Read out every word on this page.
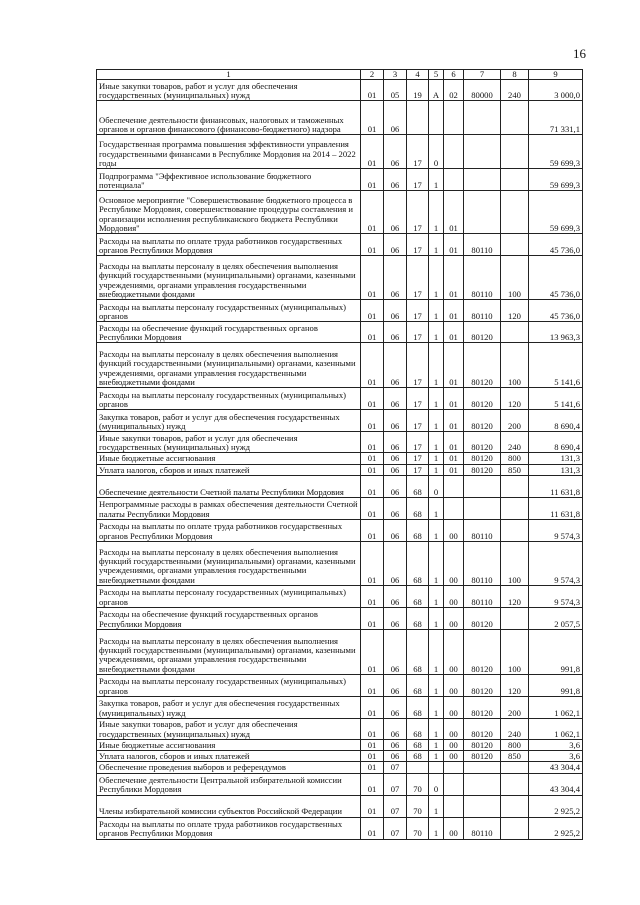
16
1	2	3	4	5	6	7	8	9
Иные закупки товаров, работ и услуг для обеспечения государственных (муниципальных) нужд	01	05	19	А	02	80000	240	3 000,0
Обеспечение деятельности финансовых, налоговых и таможенных органов и органов финансового (финансово-бюджетного) надзора	01	06						71 331,1
Государственная программа повышения эффективности управления государственными финансами в Республике Мордовия на 2014 – 2022 годы	01	06	17	0				59 699,3
Подпрограмма "Эффективное использование бюджетного потенциала"	01	06	17	1				59 699,3
Основное мероприятие "Совершенствование бюджетного процесса в Республике Мордовия, совершенствование процедуры составления и организации исполнения республиканского бюджета Республики Мордовия"	01	06	17	1	01			59 699,3
Расходы на выплаты по оплате труда работников государственных органов Республики Мордовия	01	06	17	1	01	80110		45 736,0
Расходы на выплаты персоналу в целях обеспечения выполнения функций государственными (муниципальными) органами, казенными учреждениями, органами управления государственными внебюджетными фондами	01	06	17	1	01	80110	100	45 736,0
Расходы на выплаты персоналу государственных (муниципальных) органов	01	06	17	1	01	80110	120	45 736,0
Расходы на обеспечение функций государственных органов Республики Мордовия	01	06	17	1	01	80120		13 963,3
Расходы на выплаты персоналу в целях обеспечения выполнения функций государственными (муниципальными) органами, казенными учреждениями, органами управления государственными внебюджетными фондами	01	06	17	1	01	80120	100	5 141,6
Расходы на выплаты персоналу государственных (муниципальных) органов	01	06	17	1	01	80120	120	5 141,6
Закупка товаров, работ и услуг для обеспечения государственных (муниципальных) нужд	01	06	17	1	01	80120	200	8 690,4
Иные закупки товаров, работ и услуг для обеспечения государственных (муниципальных) нужд	01	06	17	1	01	80120	240	8 690,4
Иные бюджетные ассигнования	01	06	17	1	01	80120	800	131,3
Уплата налогов, сборов и иных платежей	01	06	17	1	01	80120	850	131,3
Обеспечение деятельности Счетной палаты Республики Мордовия	01	06	68	0				11 631,8
Непрограммные расходы в рамках обеспечения деятельности Счетной палаты Республики Мордовия	01	06	68	1				11 631,8
Расходы на выплаты по оплате труда работников государственных органов Республики Мордовия	01	06	68	1	00	80110		9 574,3
Расходы на выплаты персоналу в целях обеспечения выполнения функций государственными (муниципальными) органами, казенными учреждениями, органами управления государственными внебюджетными фондами	01	06	68	1	00	80110	100	9 574,3
Расходы на выплаты персоналу государственных (муниципальных) органов	01	06	68	1	00	80110	120	9 574,3
Расходы на обеспечение функций государственных органов Республики Мордовия	01	06	68	1	00	80120		2 057,5
Расходы на выплаты персоналу в целях обеспечения выполнения функций государственными (муниципальными) органами, казенными учреждениями, органами управления государственными внебюджетными фондами	01	06	68	1	00	80120	100	991,8
Расходы на выплаты персоналу государственных (муниципальных) органов	01	06	68	1	00	80120	120	991,8
Закупка товаров, работ и услуг для обеспечения государственных (муниципальных) нужд	01	06	68	1	00	80120	200	1 062,1
Иные закупки товаров, работ и услуг для обеспечения государственных (муниципальных) нужд	01	06	68	1	00	80120	240	1 062,1
Иные бюджетные ассигнования	01	06	68	1	00	80120	800	3,6
Уплата налогов, сборов и иных платежей	01	06	68	1	00	80120	850	3,6
Обеспечение проведения выборов и референдумов	01	07						43 304,4
Обеспечение деятельности Центральной избирательной комиссии Республики Мордовия	01	07	70	0				43 304,4
Члены избирательной комиссии субъектов Российской Федерации	01	07	70	1				2 925,2
Расходы на выплаты по оплате труда работников государственных органов Республики Мордовия	01	07	70	1	00	80110		2 925,2
